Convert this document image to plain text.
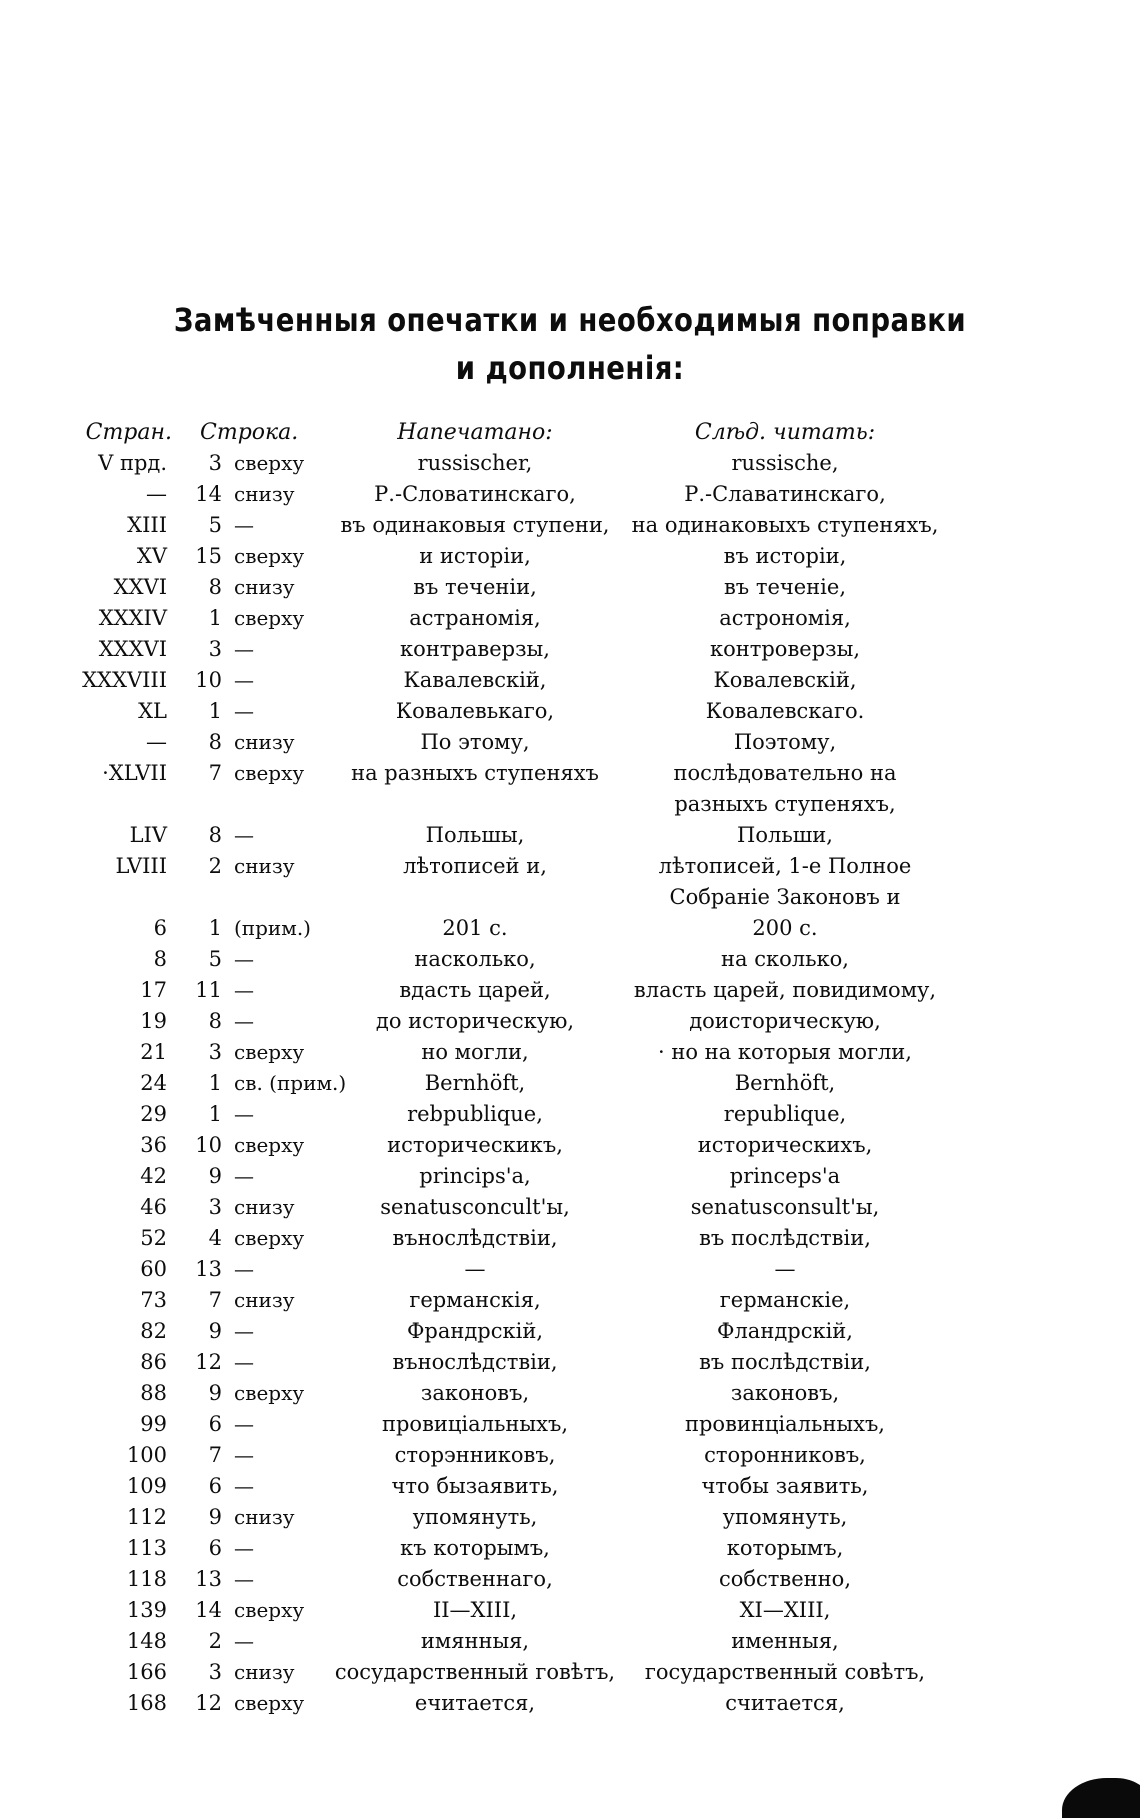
Замѣченныя опечатки и необходимыя поправки
и дополненія:
Стран. Строка.	Напечатано:	Слѣд. читать:
V прд.	3 сверху	russischer,	russische,
—	14 снизу	Р.-Словатинскаго,	Р.-Славатинскаго,
XIII	5 —	въ одинаковыя ступени,	на одинаковыхъ ступеняхъ,
XV	15 сверху	и исторіи,	въ исторіи,
XXVI	8 снизу	въ теченіи,	въ теченіе,
XXXIV	1 сверху	астраномія,	астрономія,
XXXVI	3 —	контраверзы,	контроверзы,
XXXVIII	10 —	Кавалевскій,	Ковалевскій,
XL	1 —	Ковалевькаго,	Ковалевскаго.
—	8 снизу	По этому,	Поэтому,
·XLVII	7 сверху	на разныхъ ступеняхъ	послѣдовательно на разныхъ ступеняхъ,
LIV	8 —	Польшы,	Польши,
LVIII	2 снизу	лѣтописей и,	лѣтописей, 1-е Полное Собраніе Законовъ и
6	1 (прим.)	201 с.	200 с.
8	5 —	насколько,	на сколько,
17	11 —	вдасть царей,	власть царей, повидимому,
19	8 —	до историческую,	доисторическую,
21	3 сверху	но могли,	· но на которыя могли,
24	1 св. (прим.)	Bernhöft,	Bernhöft,
29	1 —	rebpublique,	republique,
36	10 сверху	историческикъ,	историческихъ,
42	9 —	princips'a,	princeps'a
46	3 снизу	senatusconcult'ы,	senatusconsult'ы,
52	4 сверху	вънослѣдствіи,	въ послѣдствіи,
60	13 —	—	—
73	7 снизу	германскія,	германскіе,
82	9 —	Франдрскій,	Фландрскій,
86	12 —	вънослѣдствіи,	въ послѣдствіи,
88	9 сверху	законовъ,	законовъ,
99	6 —	провиціальныхъ,	провинціальныхъ,
100	7 —	сторэнниковъ,	сторонниковъ,
109	6 —	что бызаявить,	чтобы заявить,
112	9 снизу	упомянуть,	упомянуть,
113	6 —	къ которымъ,	которымъ,
118	13 —	собственнаго,	собственно,
139	14 сверху	II—XIII,	XI—XIII,
148	2 —	имянныя,	именныя,
166	3 снизу	сосударственный говѣтъ,	государственный совѣтъ,
168	12 сверху	ечитается,	считается,
